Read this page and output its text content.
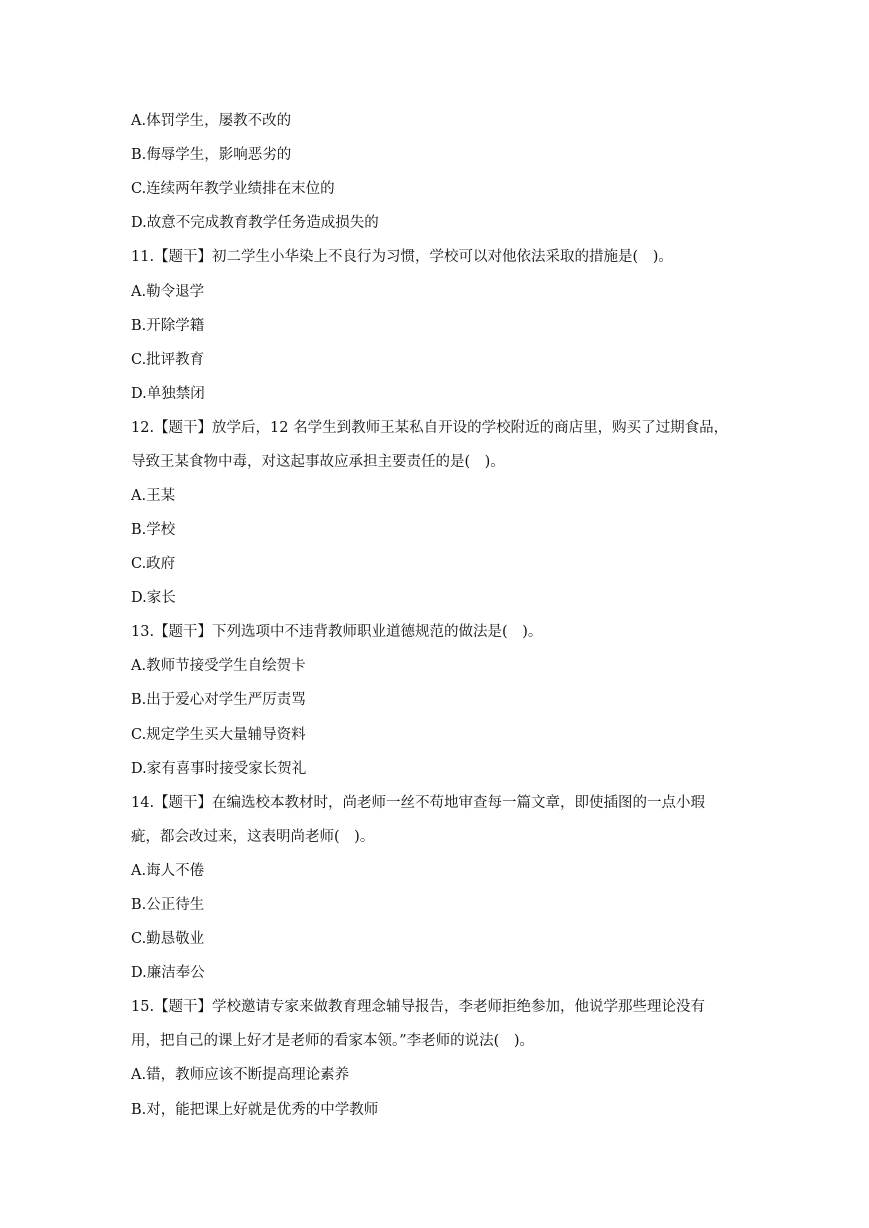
A.体罚学生，屡教不改的
B.侮辱学生，影响恶劣的
C.连续两年教学业绩排在末位的
D.故意不完成教育教学任务造成损失的
11.【题干】初二学生小华染上不良行为习惯，学校可以对他依法采取的措施是(　)。
A.勒令退学
B.开除学籍
C.批评教育
D.单独禁闭
12.【题干】放学后，12 名学生到教师王某私自开设的学校附近的商店里，购买了过期食品，
导致王某食物中毒，对这起事故应承担主要责任的是(　)。
A.王某
B.学校
C.政府
D.家长
13.【题干】下列选项中不违背教师职业道德规范的做法是(　)。
A.教师节接受学生自绘贺卡
B.出于爱心对学生严厉责骂
C.规定学生买大量辅导资料
D.家有喜事时接受家长贺礼
14.【题干】在编选校本教材时，尚老师一丝不苟地审查每一篇文章，即使插图的一点小瑕
疵，都会改过来，这表明尚老师(　)。
A.诲人不倦
B.公正待生
C.勤恳敬业
D.廉洁奉公
15.【题干】学校邀请专家来做教育理念辅导报告，李老师拒绝参加，他说学那些理论没有
用，把自己的课上好才是老师的看家本领。”李老师的说法(　)。
A.错，教师应该不断提高理论素养
B.对，能把课上好就是优秀的中学教师
